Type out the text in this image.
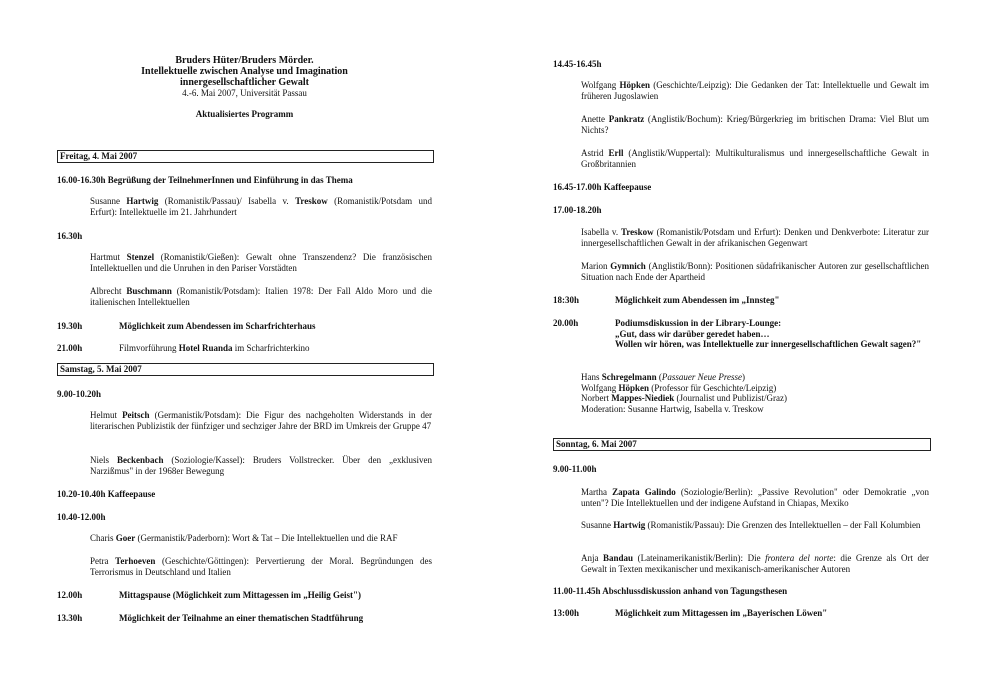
Bruders Hüter/Bruders Mörder.
Intellektuelle zwischen Analyse und Imagination
innergesellschaftlicher Gewalt
4.-6. Mai 2007, Universität Passau
Aktualisiertes Programm
Freitag, 4. Mai 2007
16.00-16.30h Begrüßung der TeilnehmerInnen und Einführung in das Thema
Susanne Hartwig (Romanistik/Passau)/ Isabella v. Treskow (Romanistik/Potsdam und Erfurt): Intellektuelle im 21. Jahrhundert
16.30h
Hartmut Stenzel (Romanistik/Gießen): Gewalt ohne Transzendenz? Die französischen Intellektuellen und die Unruhen in den Pariser Vorstädten
Albrecht Buschmann (Romanistik/Potsdam): Italien 1978: Der Fall Aldo Moro und die italienischen Intellektuellen
19.30h	Möglichkeit zum Abendessen im Scharfrichterhaus
21.00h	Filmvorführung Hotel Ruanda im Scharfrichterkino
Samstag, 5. Mai 2007
9.00-10.20h
Helmut Peitsch (Germanistik/Potsdam): Die Figur des nachgeholten Widerstands in der literarischen Publizistik der fünfziger und sechziger Jahre der BRD im Umkreis der Gruppe 47
Niels Beckenbach (Soziologie/Kassel): Bruders Vollstrecker. Über den „exklusiven Narzißmus" in der 1968er Bewegung
10.20-10.40h Kaffeepause
10.40-12.00h
Charis Goer (Germanistik/Paderborn): Wort & Tat – Die Intellektuellen und die RAF
Petra Terhoeven (Geschichte/Göttingen): Pervertierung der Moral. Begründungen des Terrorismus in Deutschland und Italien
12.00h	Mittagspause (Möglichkeit zum Mittagessen im „Heilig Geist")
13.30h	Möglichkeit der Teilnahme an einer thematischen Stadtführung
14.45-16.45h
Wolfgang Höpken (Geschichte/Leipzig): Die Gedanken der Tat: Intellektuelle und Gewalt im früheren Jugoslawien
Anette Pankratz (Anglistik/Bochum): Krieg/Bürgerkrieg im britischen Drama: Viel Blut um Nichts?
Astrid Erll (Anglistik/Wuppertal): Multikulturalismus und innergesellschaftliche Gewalt in Großbritannien
16.45-17.00h Kaffeepause
17.00-18.20h
Isabella v. Treskow (Romanistik/Potsdam und Erfurt): Denken und Denkverbote: Literatur zur innergesellschaftlichen Gewalt in der afrikanischen Gegenwart
Marion Gymnich (Anglistik/Bonn): Positionen südafrikanischer Autoren zur gesellschaftlichen Situation nach Ende der Apartheid
18:30h	Möglichkeit zum Abendessen im „Innsteg"
20.00h	Podiumsdiskussion in der Library-Lounge:
„Gut, dass wir darüber geredet haben…
Wollen wir hören, was Intellektuelle zur innergesellschaftlichen Gewalt sagen?"
Hans Schregelmann (Passauer Neue Presse)
Wolfgang Höpken (Professor für Geschichte/Leipzig)
Norbert Mappes-Niediek (Journalist und Publizist/Graz)
Moderation: Susanne Hartwig, Isabella v. Treskow
Sonntag, 6. Mai 2007
9.00-11.00h
Martha Zapata Galindo (Soziologie/Berlin): „Passive Revolution" oder Demokratie „von unten"? Die Intellektuellen und der indigene Aufstand in Chiapas, Mexiko
Susanne Hartwig (Romanistik/Passau): Die Grenzen des Intellektuellen – der Fall Kolumbien
Anja Bandau (Lateinamerikanistik/Berlin): Die frontera del norte: die Grenze als Ort der Gewalt in Texten mexikanischer und mexikanisch-amerikanischer Autoren
11.00-11.45h Abschlussdiskussion anhand von Tagungsthesen
13:00h	Möglichkeit zum Mittagessen im „Bayerischen Löwen"
